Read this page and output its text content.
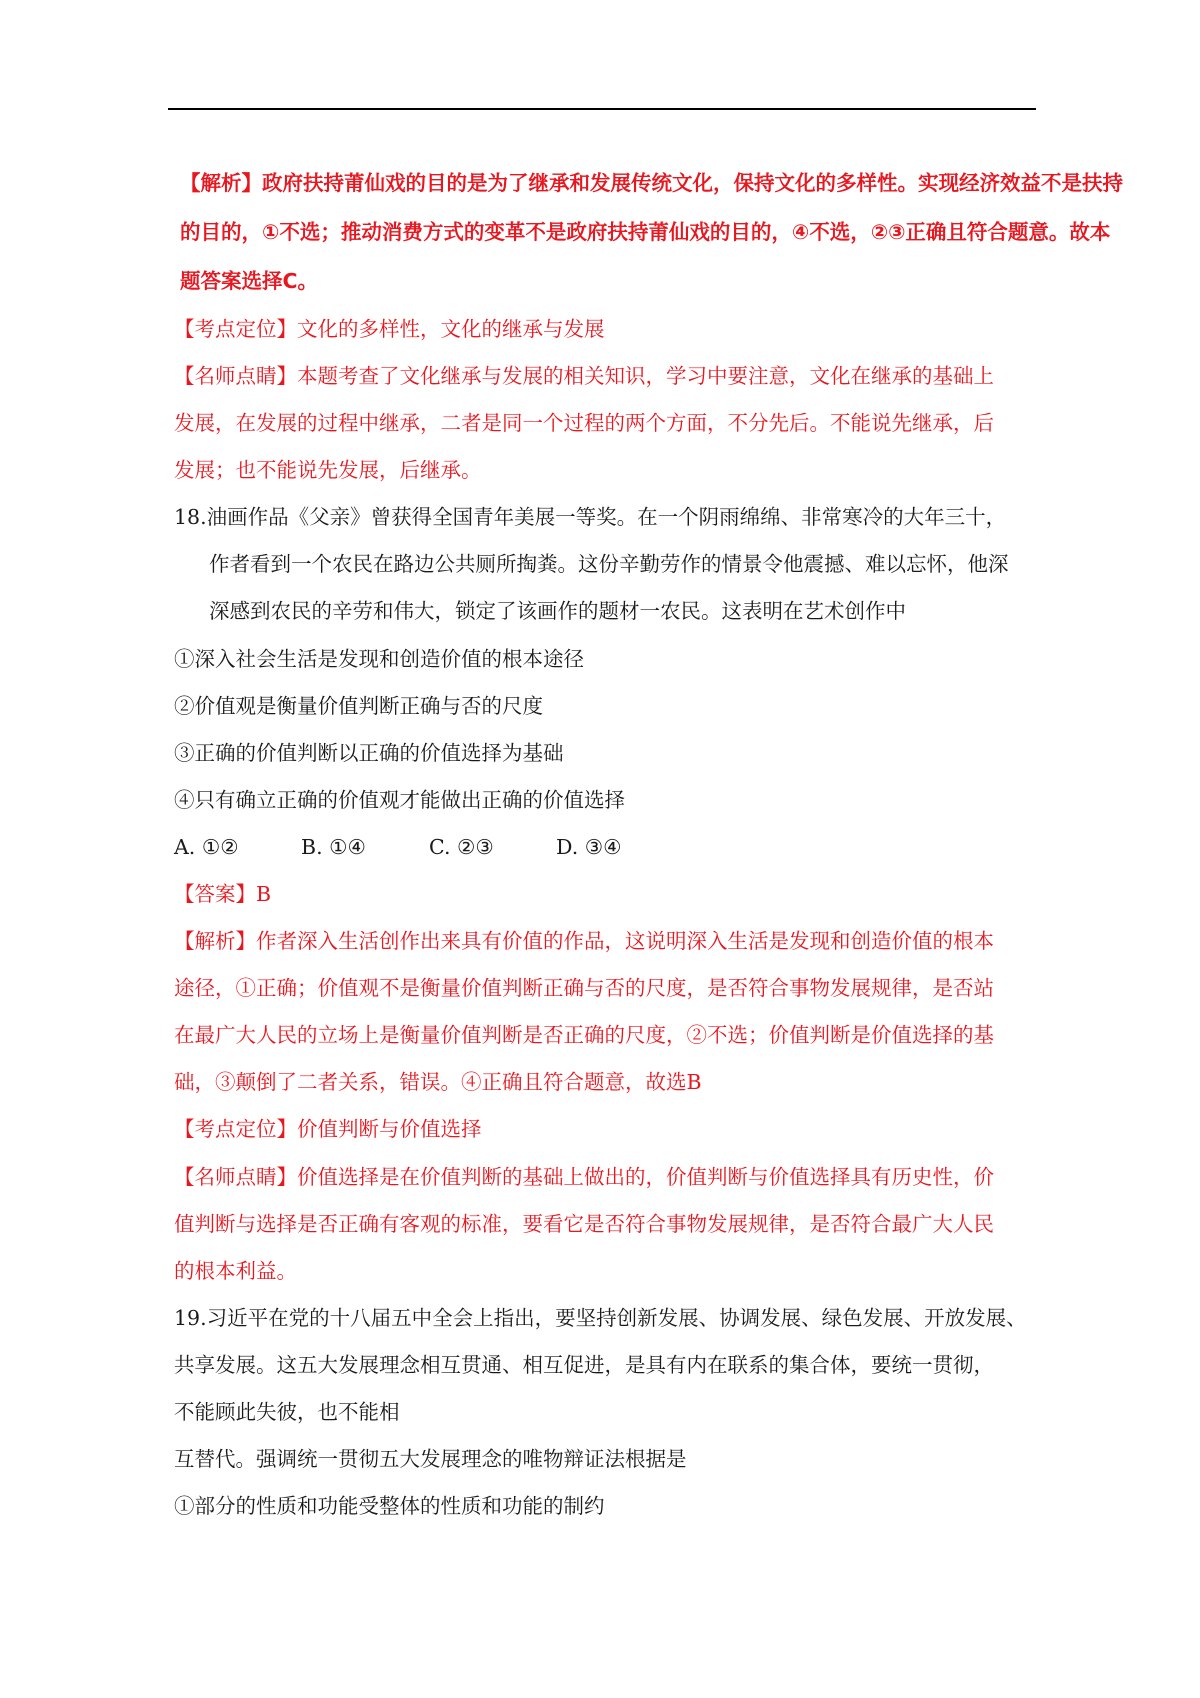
【解析】政府扶持莆仙戏的目的是为了继承和发展传统文化，保持文化的多样性。实现经济效益不是扶持
的目的，①不选；推动消费方式的变革不是政府扶持莆仙戏的目的，④不选，②③正确且符合题意。故本
题答案选择C。
【考点定位】文化的多样性，文化的继承与发展
【名师点睛】本题考查了文化继承与发展的相关知识，学习中要注意，文化在继承的基础上
发展，在发展的过程中继承，二者是同一个过程的两个方面，不分先后。不能说先继承，后
发展；也不能说先发展，后继承。
18.油画作品《父亲》曾获得全国青年美展一等奖。在一个阴雨绵绵、非常寒冷的大年三十，
作者看到一个农民在路边公共厕所掏粪。这份辛勤劳作的情景令他震撼、难以忘怀，他深
深感到农民的辛劳和伟大，锁定了该画作的题材一农民。这表明在艺术创作中
①深入社会生活是发现和创造价值的根本途径
②价值观是衡量价值判断正确与否的尺度
③正确的价值判断以正确的价值选择为基础
④只有确立正确的价值观才能做出正确的价值选择
A. ①②	B. ①④	C. ②③	D. ③④
【答案】B
【解析】作者深入生活创作出来具有价值的作品，这说明深入生活是发现和创造价值的根本
途径，①正确；价值观不是衡量价值判断正确与否的尺度，是否符合事物发展规律，是否站
在最广大人民的立场上是衡量价值判断是否正确的尺度，②不选；价值判断是价值选择的基
础，③颠倒了二者关系，错误。④正确且符合题意，故选B
【考点定位】价值判断与价值选择
【名师点睛】价值选择是在价值判断的基础上做出的，价值判断与价值选择具有历史性，价
值判断与选择是否正确有客观的标准，要看它是否符合事物发展规律，是否符合最广大人民
的根本利益。
19.习近平在党的十八届五中全会上指出，要坚持创新发展、协调发展、绿色发展、开放发展、
共享发展。这五大发展理念相互贯通、相互促进，是具有内在联系的集合体，要统一贯彻，
不能顾此失彼，也不能相
互替代。强调统一贯彻五大发展理念的唯物辩证法根据是
①部分的性质和功能受整体的性质和功能的制约
